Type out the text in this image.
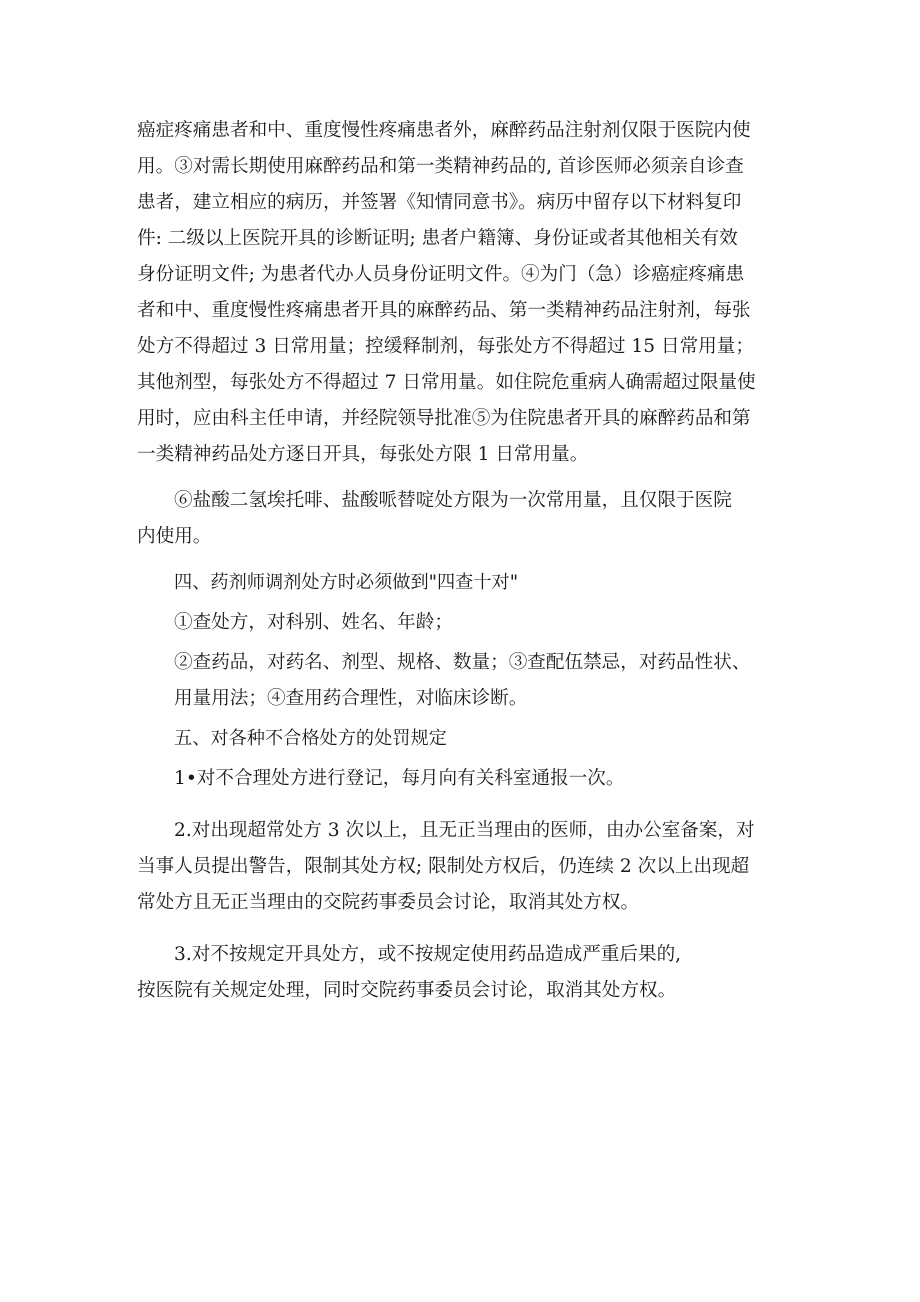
癌症疼痛患者和中、重度慢性疼痛患者外，麻醉药品注射剂仅限于医院内使
用。③对需长期使用麻醉药品和第一类精神药品的, 首诊医师必须亲自诊查
患者，建立相应的病历，并签署《知情同意书》。病历中留存以下材料复印
件: 二级以上医院开具的诊断证明; 患者户籍簿、身份证或者其他相关有效
身份证明文件; 为患者代办人员身份证明文件。④为门（急）诊癌症疼痛患
者和中、重度慢性疼痛患者开具的麻醉药品、第一类精神药品注射剂，每张
处方不得超过 3 日常用量；控缓释制剂，每张处方不得超过 15 日常用量；
其他剂型，每张处方不得超过 7 日常用量。如住院危重病人确需超过限量使
用时，应由科主任申请，并经院领导批准⑤为住院患者开具的麻醉药品和第
一类精神药品处方逐日开具，每张处方限 1 日常用量。
⑥盐酸二氢埃托啡、盐酸哌替啶处方限为一次常用量，且仅限于医院
内使用。
四、药剂师调剂处方时必须做到"四查十对"
①查处方，对科别、姓名、年龄；
②查药品，对药名、剂型、规格、数量；③查配伍禁忌，对药品性状、
用量用法；④查用药合理性，对临床诊断。
五、对各种不合格处方的处罚规定
1•对不合理处方进行登记，每月向有关科室通报一次。
2.对出现超常处方 3 次以上，且无正当理由的医师，由办公室备案，对
当事人员提出警告，限制其处方权; 限制处方权后，仍连续 2 次以上出现超
常处方且无正当理由的交院药事委员会讨论，取消其处方权。
3.对不按规定开具处方，或不按规定使用药品造成严重后果的,
按医院有关规定处理，同时交院药事委员会讨论，取消其处方权。
